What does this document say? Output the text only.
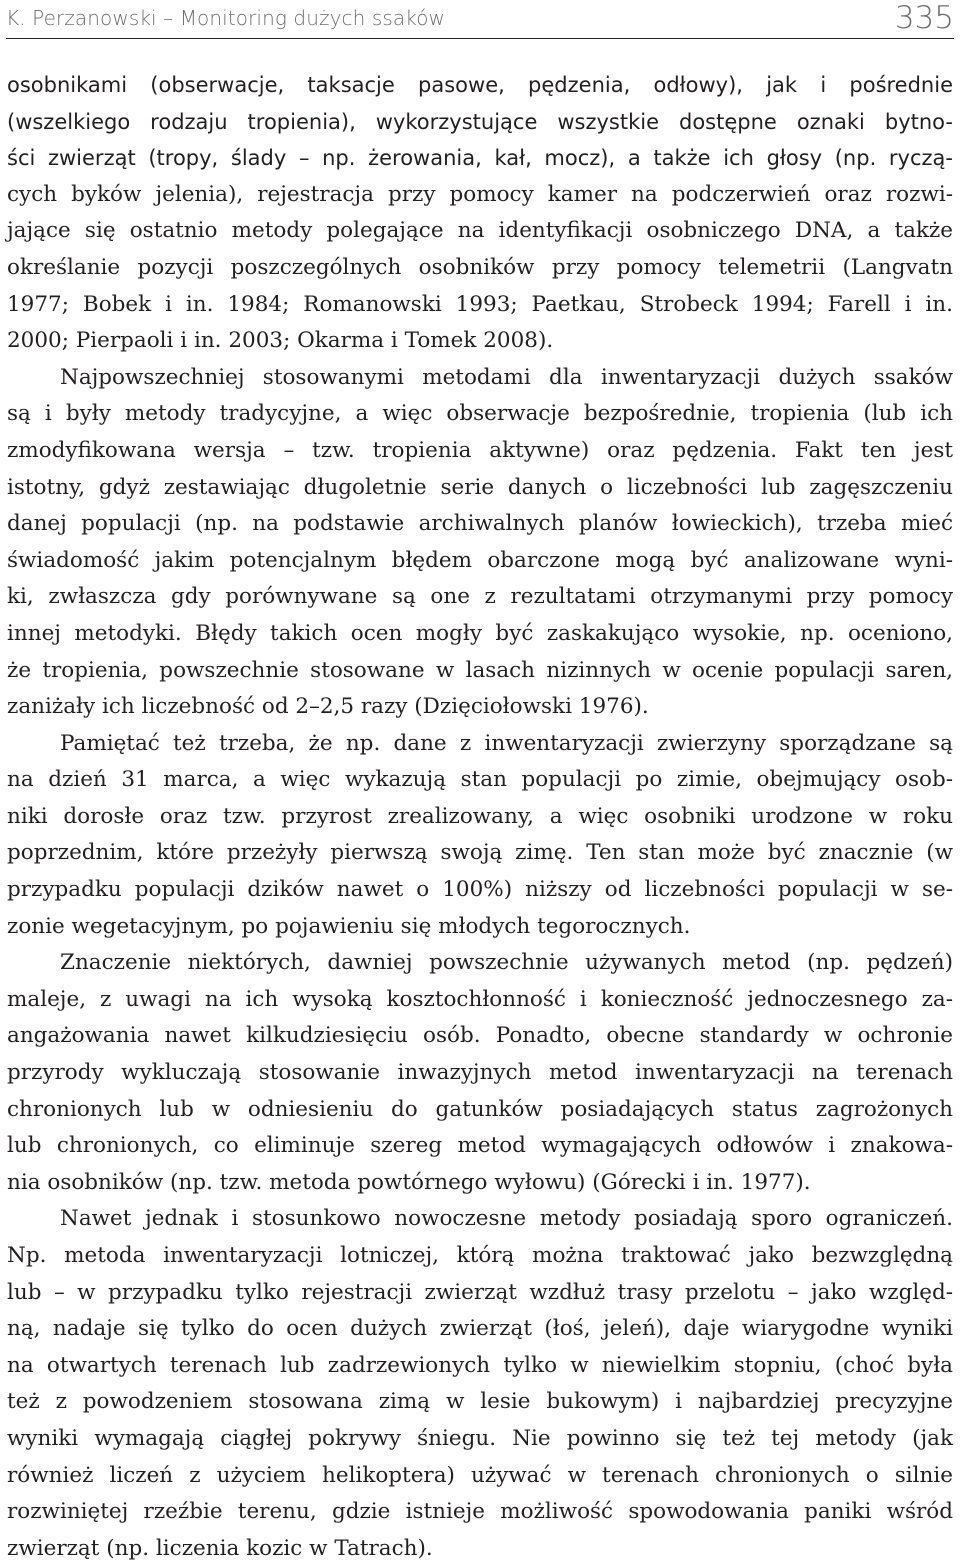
K. Perzanowski – Monitoring dużych ssaków	335
osobnikami (obserwacje, taksacje pasowe, pędzenia, odłowy), jak i pośrednie
(wszelkiego rodzaju tropienia), wykorzystujące wszystkie dostępne oznaki bytno-
ści zwierząt (tropy, ślady – np. żerowania, kał, mocz), a także ich głosy (np. ryczą-
cych byków jelenia), rejestracja przy pomocy kamer na podczerwień oraz rozwi-
jające się ostatnio metody polegające na identyfikacji osobniczego DNA, a także
określanie pozycji poszczególnych osobników przy pomocy telemetrii (Langvatn
1977; Bobek i in. 1984; Romanowski 1993; Paetkau, Strobeck 1994; Farell i in.
2000; Pierpaoli i in. 2003; Okarma i Tomek 2008).
Najpowszechniej stosowanymi metodami dla inwentaryzacji dużych ssaków
są i były metody tradycyjne, a więc obserwacje bezpośrednie, tropienia (lub ich
zmodyfikowana wersja – tzw. tropienia aktywne) oraz pędzenia. Fakt ten jest
istotny, gdyż zestawiając długoletnie serie danych o liczebności lub zagęszczeniu
danej populacji (np. na podstawie archiwalnych planów łowieckich), trzeba mieć
świadomość jakim potencjalnym błędem obarczone mogą być analizowane wyni-
ki, zwłaszcza gdy porównywane są one z rezultatami otrzymanymi przy pomocy
innej metodyki. Błędy takich ocen mogły być zaskakująco wysokie, np. oceniono,
że tropienia, powszechnie stosowane w lasach nizinnych w ocenie populacji saren,
zaniżały ich liczebność od 2–2,5 razy (Dzięciołowski 1976).
Pamiętać też trzeba, że np. dane z inwentaryzacji zwierzyny sporządzane są
na dzień 31 marca, a więc wykazują stan populacji po zimie, obejmujący osob-
niki dorosłe oraz tzw. przyrost zrealizowany, a więc osobniki urodzone w roku
poprzednim, które przeżyły pierwszą swoją zimę. Ten stan może być znacznie (w
przypadku populacji dzików nawet o 100%) niższy od liczebności populacji w se-
zonie wegetacyjnym, po pojawieniu się młodych tegorocznych.
Znaczenie niektórych, dawniej powszechnie używanych metod (np. pędzeń)
maleje, z uwagi na ich wysoką kosztochłonność i konieczność jednoczesnego za-
angażowania nawet kilkudziesięciu osób. Ponadto, obecne standardy w ochronie
przyrody wykluczają stosowanie inwazyjnych metod inwentaryzacji na terenach
chronionych lub w odniesieniu do gatunków posiadających status zagrożonych
lub chronionych, co eliminuje szereg metod wymagających odłowów i znakowa-
nia osobników (np. tzw. metoda powtórnego wyłowu) (Górecki i in. 1977).
Nawet jednak i stosunkowo nowoczesne metody posiadają sporo ograniczeń.
Np. metoda inwentaryzacji lotniczej, którą można traktować jako bezwzględną
lub – w przypadku tylko rejestracji zwierząt wzdłuż trasy przelotu – jako względ-
ną, nadaje się tylko do ocen dużych zwierząt (łoś, jeleń), daje wiarygodne wyniki
na otwartych terenach lub zadrzewionych tylko w niewielkim stopniu, (choć była
też z powodzeniem stosowana zimą w lesie bukowym) i najbardziej precyzyjne
wyniki wymagają ciągłej pokrywy śniegu. Nie powinno się też tej metody (jak
również liczeń z użyciem helikoptera) używać w terenach chronionych o silnie
rozwiniętej rzeźbie terenu, gdzie istnieje możliwość spowodowania paniki wśród
zwierząt (np. liczenia kozic w Tatrach).
